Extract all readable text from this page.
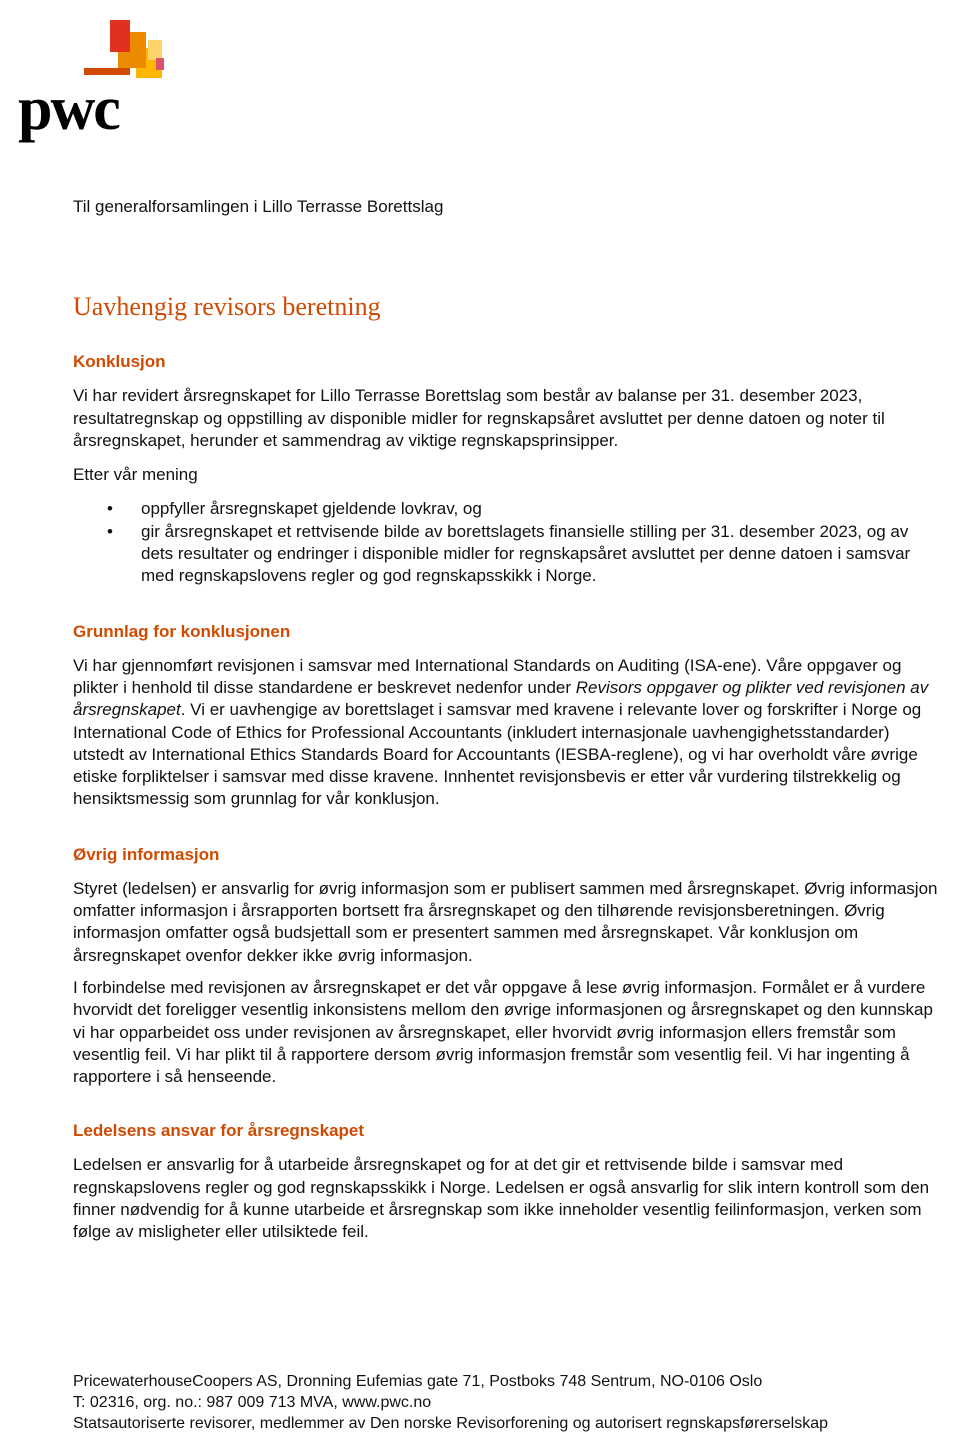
pwc

Til generalforsamlingen i Lillo Terrasse Borettslag

Uavhengig revisors beretning
Konklusjon

Vi har revidert årsregnskapet for Lillo Terrasse Borettslag som består av balanse per 31. desember 2023, resultatregnskap og oppstilling av disponible midler for regnskapsåret avsluttet per denne datoen og noter til årsregnskapet, herunder et sammendrag av viktige regnskapsprinsipper.

Etter vår mening

• oppfyller årsregnskapet gjeldende lovkrav, og
• gir årsregnskapet et rettvisende bilde av borettslagets finansielle stilling per 31. desember 2023, og av dets resultater og endringer i disponible midler for regnskapsåret avsluttet per denne datoen i samsvar med regnskapslovens regler og god regnskapsskikk i Norge.
Grunnlag for konklusjonen

Vi har gjennomført revisjonen i samsvar med International Standards on Auditing (ISA-ene). Våre oppgaver og plikter i henhold til disse standardene er beskrevet nedenfor under Revisors oppgaver og plikter ved revisjonen av årsregnskapet. Vi er uavhengige av borettslaget i samsvar med kravene i relevante lover og forskrifter i Norge og International Code of Ethics for Professional Accountants (inkludert internasjonale uavhengighetsstandarder) utstedt av International Ethics Standards Board for Accountants (IESBA-reglene), og vi har overholdt våre øvrige etiske forpliktelser i samsvar med disse kravene. Innhentet revisjonsbevis er etter vår vurdering tilstrekkelig og hensiktsmessig som grunnlag for vår konklusjon.

Øvrig informasjon

Styret (ledelsen) er ansvarlig for øvrig informasjon som er publisert sammen med årsregnskapet. Øvrig informasjon omfatter informasjon i årsrapporten bortsett fra årsregnskapet og den tilhørende revisjonsberetningen. Øvrig informasjon omfatter også budsjettall som er presentert sammen med årsregnskapet. Vår konklusjon om årsregnskapet ovenfor dekker ikke øvrig informasjon.

I forbindelse med revisjonen av årsregnskapet er det vår oppgave å lese øvrig informasjon. Formålet er å vurdere hvorvidt det foreligger vesentlig inkonsistens mellom den øvrige informasjonen og årsregnskapet og den kunnskap vi har opparbeidet oss under revisjonen av årsregnskapet, eller hvorvidt øvrig informasjon ellers fremstår som vesentlig feil. Vi har plikt til å rapportere dersom øvrig informasjon fremstår som vesentlig feil. Vi har ingenting å rapportere i så henseende.

Ledelsens ansvar for årsregnskapet

Ledelsen er ansvarlig for å utarbeide årsregnskapet og for at det gir et rettvisende bilde i samsvar med regnskapslovens regler og god regnskapsskikk i Norge. Ledelsen er også ansvarlig for slik intern kontroll som den finner nødvendig for å kunne utarbeide et årsregnskap som ikke inneholder vesentlig feilinformasjon, verken som følge av misligheter eller utilsiktede feil.

PricewaterhouseCoopers AS, Dronning Eufemias gate 71, Postboks 748 Sentrum, NO-0106 Oslo
T: 02316, org. no.: 987 009 713 MVA, www.pwc.no
Statsautoriserte revisorer, medlemmer av Den norske Revisorforening og autorisert regnskapsførerselskap
